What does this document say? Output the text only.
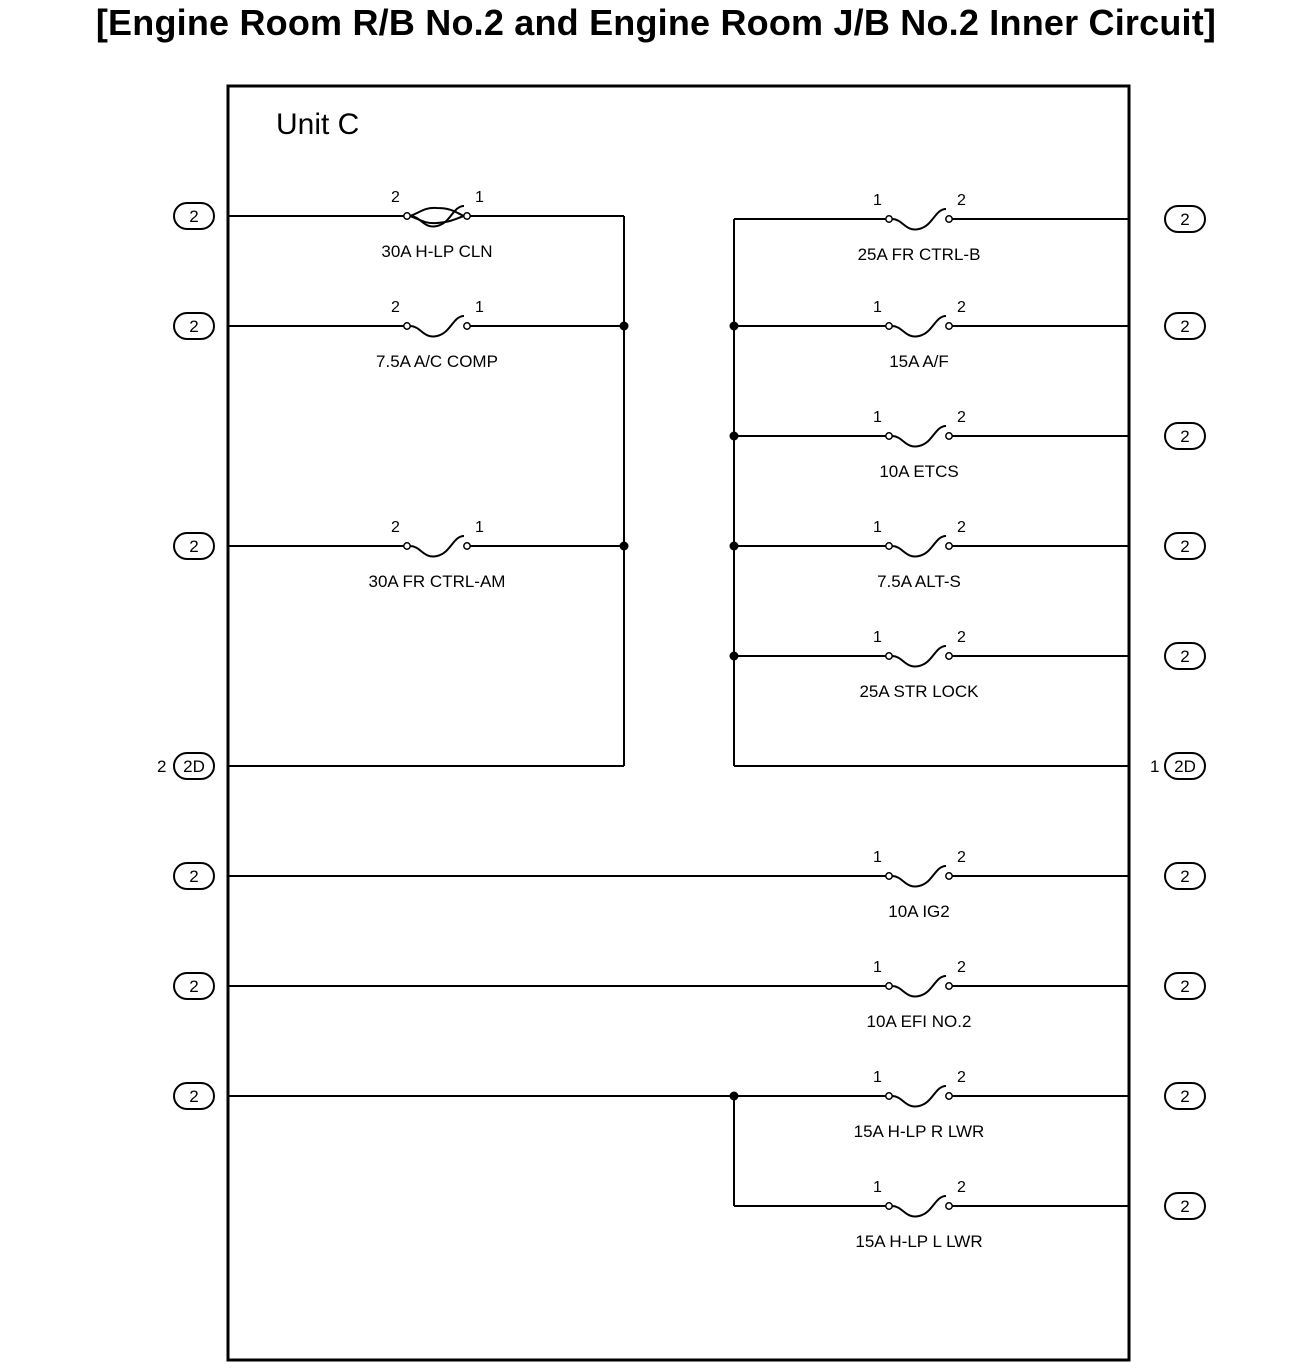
[Engine Room R/B No.2 and Engine Room J/B No.2 Inner Circuit]
Unit C
2	1
30A H-LP CLN
2	1
7.5A A/C COMP
2	1
30A FR CTRL-AM
1	2
25A FR CTRL-B
1	2
15A A/F
1	2
10A ETCS
1	2
7.5A ALT-S
1	2
25A STR LOCK
1	2
10A IG2
1	2
10A EFI NO.2
1	2
15A H-LP R LWR
1	2
15A H-LP L LWR
2
2
2
2
2
2
2
2
2
2
2
2
2
2
2
2D
2	2D
1
